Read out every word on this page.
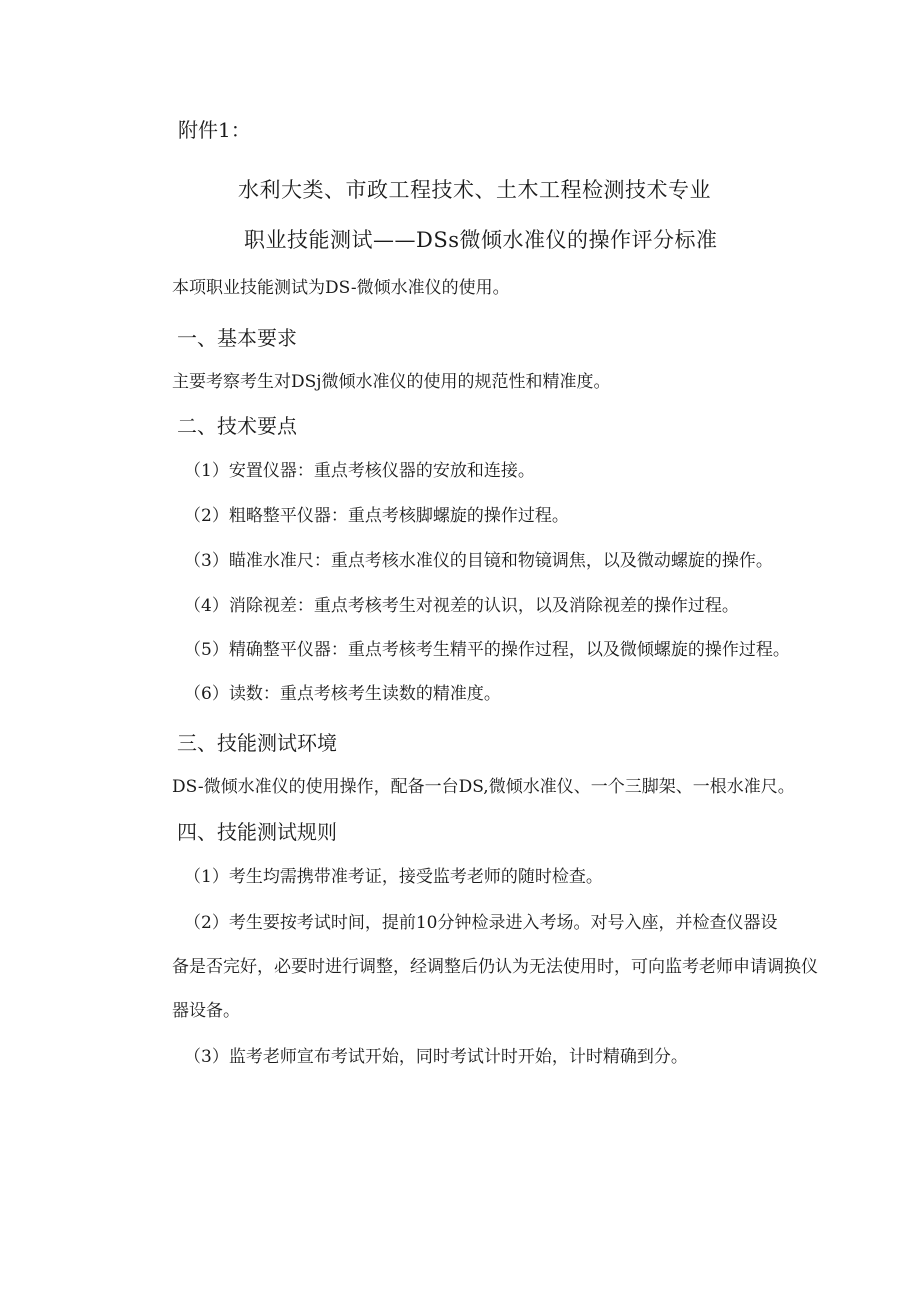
附件1：
水利大类、市政工程技术、土木工程检测技术专业
职业技能测试——DSs微倾水准仪的操作评分标准
本项职业技能测试为DS-微倾水准仪的使用。
一、基本要求
主要考察考生对DSj微倾水准仪的使用的规范性和精准度。
二、技术要点
（1）安置仪器：重点考核仪器的安放和连接。
（2）粗略整平仪器：重点考核脚螺旋的操作过程。
（3）瞄准水准尺：重点考核水准仪的目镜和物镜调焦，以及微动螺旋的操作。
（4）消除视差：重点考核考生对视差的认识，以及消除视差的操作过程。
（5）精确整平仪器：重点考核考生精平的操作过程，以及微倾螺旋的操作过程。
（6）读数：重点考核考生读数的精准度。
三、技能测试环境
DS-微倾水准仪的使用操作，配备一台DS,微倾水准仪、一个三脚架、一根水准尺。
四、技能测试规则
（1）考生均需携带准考证，接受监考老师的随时检查。
（2）考生要按考试时间，提前10分钟检录进入考场。对号入座，并检查仪器设
备是否完好，必要时进行调整，经调整后仍认为无法使用时，可向监考老师申请调换仪
器设备。
（3）监考老师宣布考试开始，同时考试计时开始，计时精确到分。
